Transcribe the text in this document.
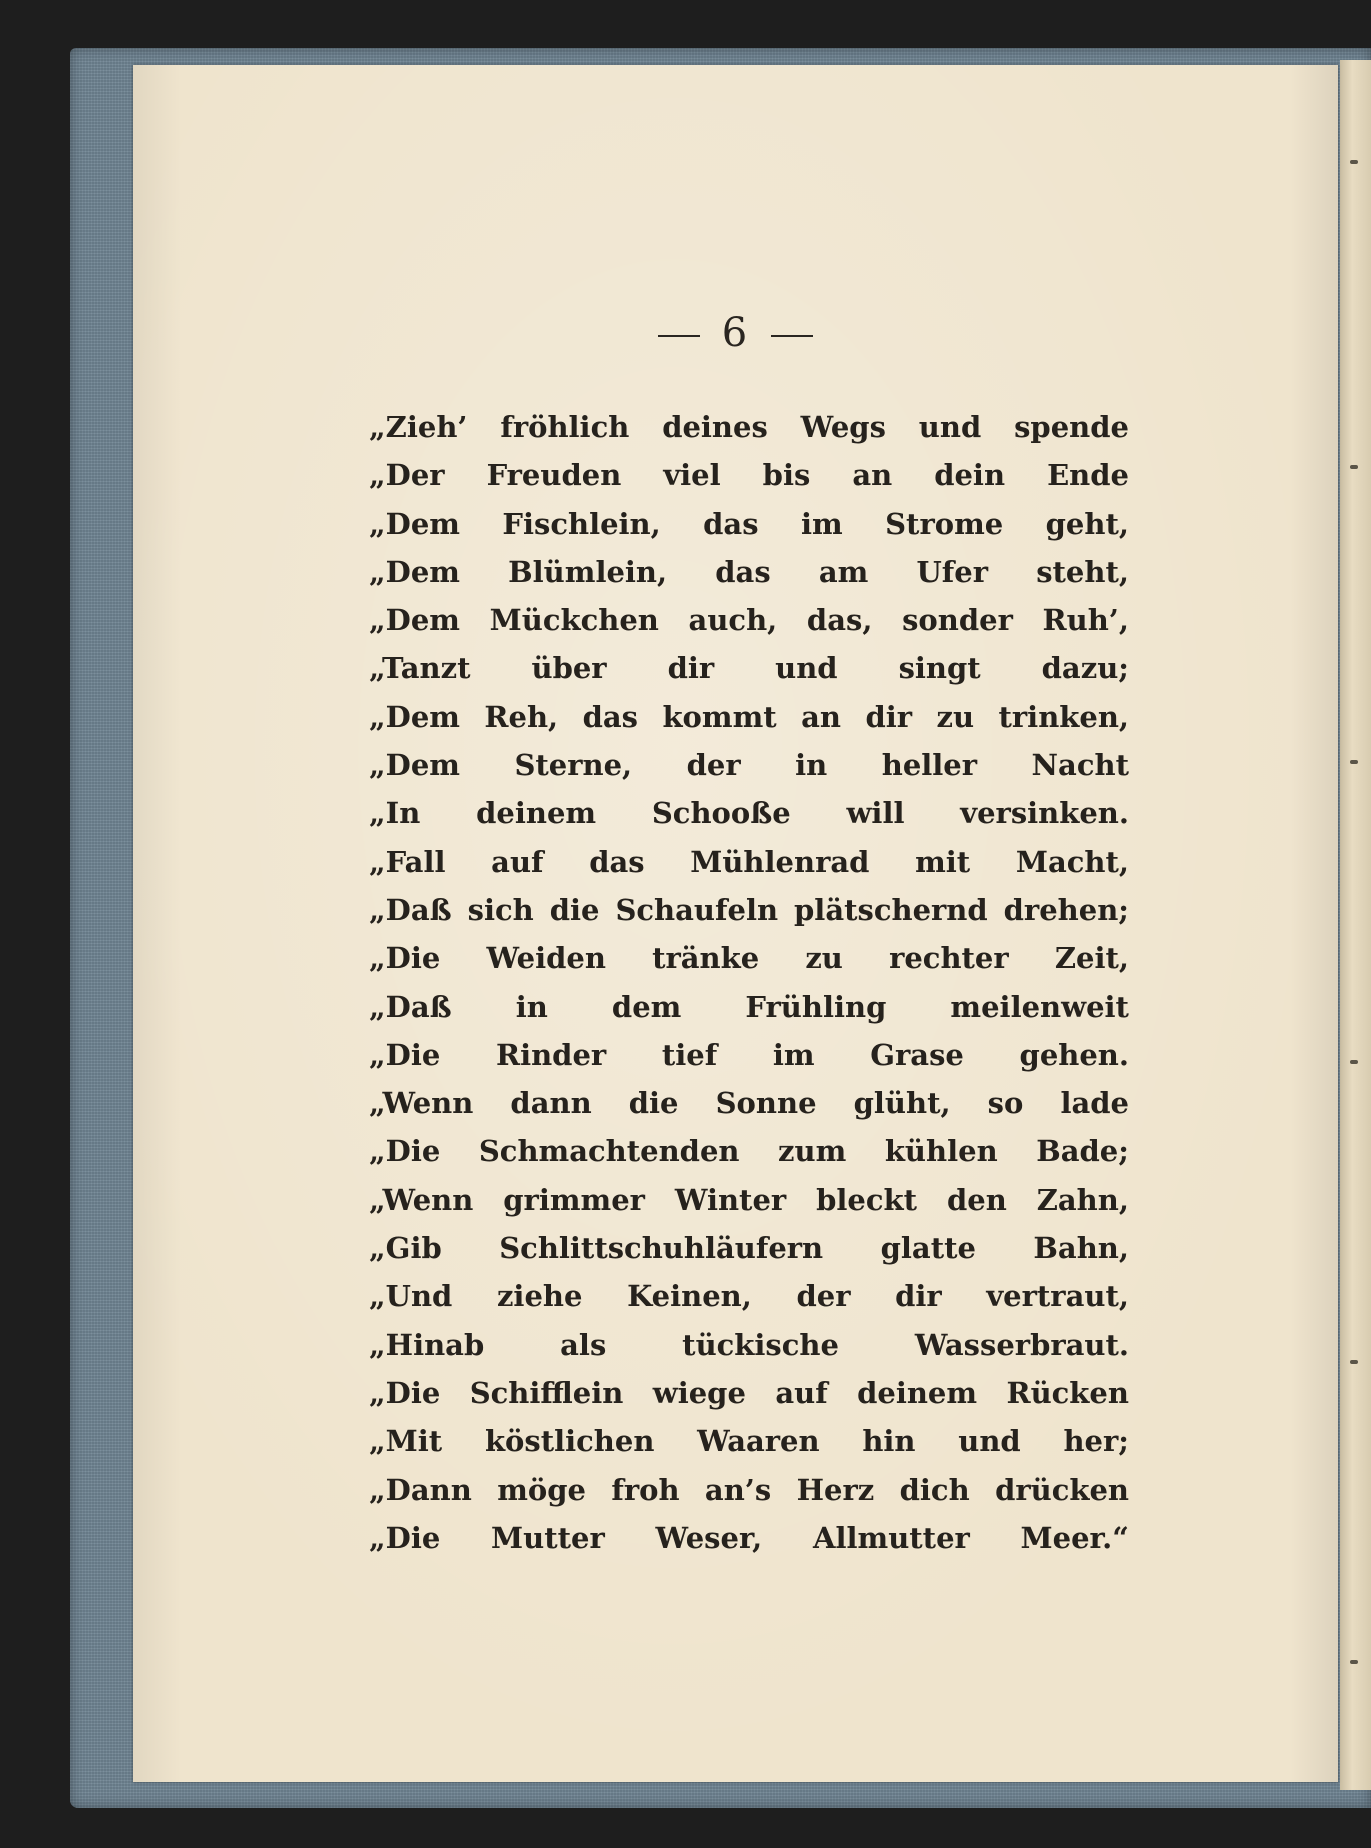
6
„Zieh’ fröhlich deines Wegs und spende
„Der Freuden viel bis an dein Ende
„Dem Fischlein, das im Strome geht,
„Dem Blümlein, das am Ufer steht,
„Dem Mückchen auch, das, sonder Ruh’,
„Tanzt über dir und singt dazu;
„Dem Reh, das kommt an dir zu trinken,
„Dem Sterne, der in heller Nacht
„In deinem Schooße will versinken.
„Fall auf das Mühlenrad mit Macht,
„Daß sich die Schaufeln plätschernd drehen;
„Die Weiden tränke zu rechter Zeit,
„Daß in dem Frühling meilenweit
„Die Rinder tief im Grase gehen.
„Wenn dann die Sonne glüht, so lade
„Die Schmachtenden zum kühlen Bade;
„Wenn grimmer Winter bleckt den Zahn,
„Gib Schlittschuhläufern glatte Bahn,
„Und ziehe Keinen, der dir vertraut,
„Hinab	als	tückische	Wasserbraut.
„Die Schifflein wiege auf deinem Rücken
„Mit köstlichen Waaren hin und her;
„Dann möge froh an’s Herz dich drücken
„Die Mutter Weser, Allmutter Meer.“
